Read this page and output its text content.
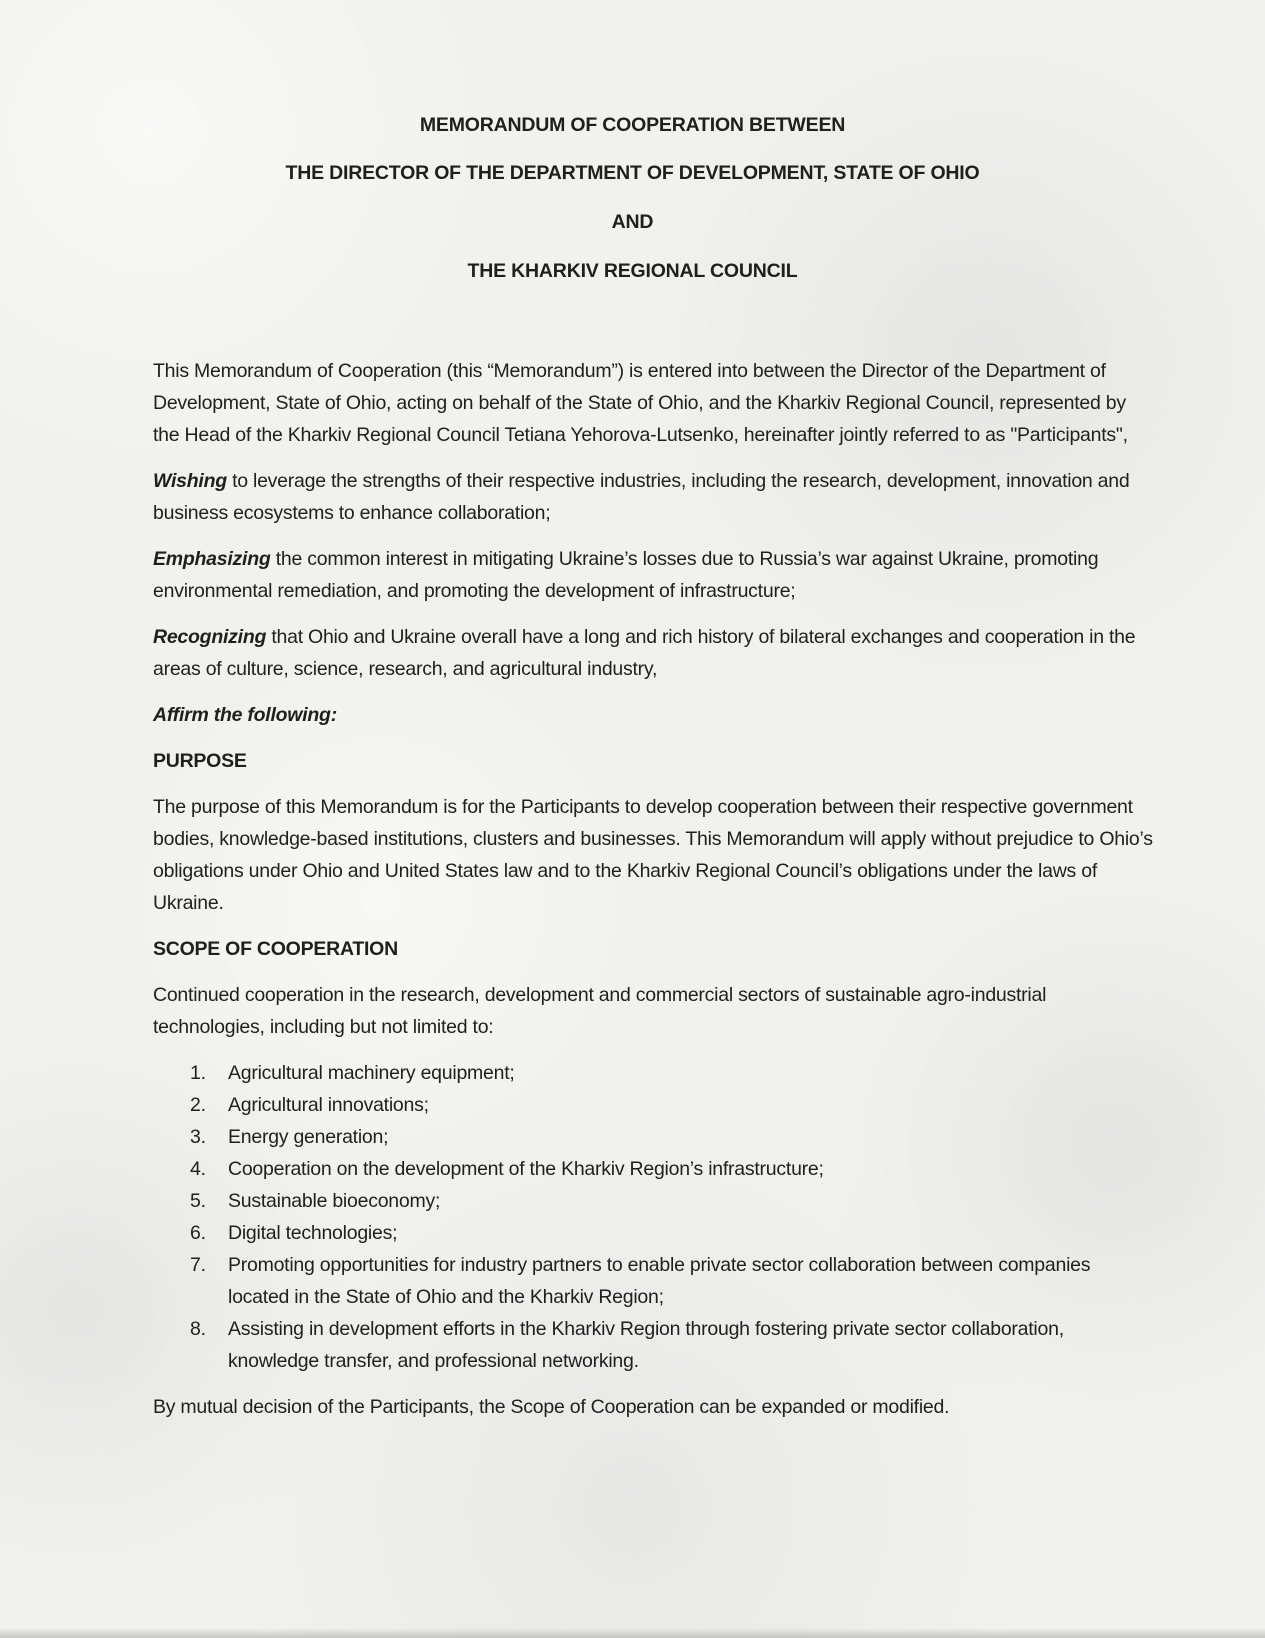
MEMORANDUM OF COOPERATION BETWEEN
THE DIRECTOR OF THE DEPARTMENT OF DEVELOPMENT, STATE OF OHIO
AND
THE KHARKIV REGIONAL COUNCIL

This Memorandum of Cooperation (this “Memorandum”) is entered into between the Director of the Department of Development, State of Ohio, acting on behalf of the State of Ohio, and the Kharkiv Regional Council, represented by the Head of the Kharkiv Regional Council Tetiana Yehorova-Lutsenko, hereinafter jointly referred to as "Participants",

Wishing to leverage the strengths of their respective industries, including the research, development, innovation and business ecosystems to enhance collaboration;

Emphasizing the common interest in mitigating Ukraine’s losses due to Russia’s war against Ukraine, promoting environmental remediation, and promoting the development of infrastructure;

Recognizing that Ohio and Ukraine overall have a long and rich history of bilateral exchanges and cooperation in the areas of culture, science, research, and agricultural industry,

Affirm the following:
PURPOSE

The purpose of this Memorandum is for the Participants to develop cooperation between their respective government bodies, knowledge-based institutions, clusters and businesses. This Memorandum will apply without prejudice to Ohio’s obligations under Ohio and United States law and to the Kharkiv Regional Council’s obligations under the laws of Ukraine.

SCOPE OF COOPERATION

Continued cooperation in the research, development and commercial sectors of sustainable agro-industrial technologies, including but not limited to:

1.	Agricultural machinery equipment;
2.	Agricultural innovations;
3.	Energy generation;
4.	Cooperation on the development of the Kharkiv Region’s infrastructure;
5.	Sustainable bioeconomy;
6.	Digital technologies;
7.	Promoting opportunities for industry partners to enable private sector collaboration between companies located in the State of Ohio and the Kharkiv Region;
8.	Assisting in development efforts in the Kharkiv Region through fostering private sector collaboration, knowledge transfer, and professional networking.

By mutual decision of the Participants, the Scope of Cooperation can be expanded or modified.
